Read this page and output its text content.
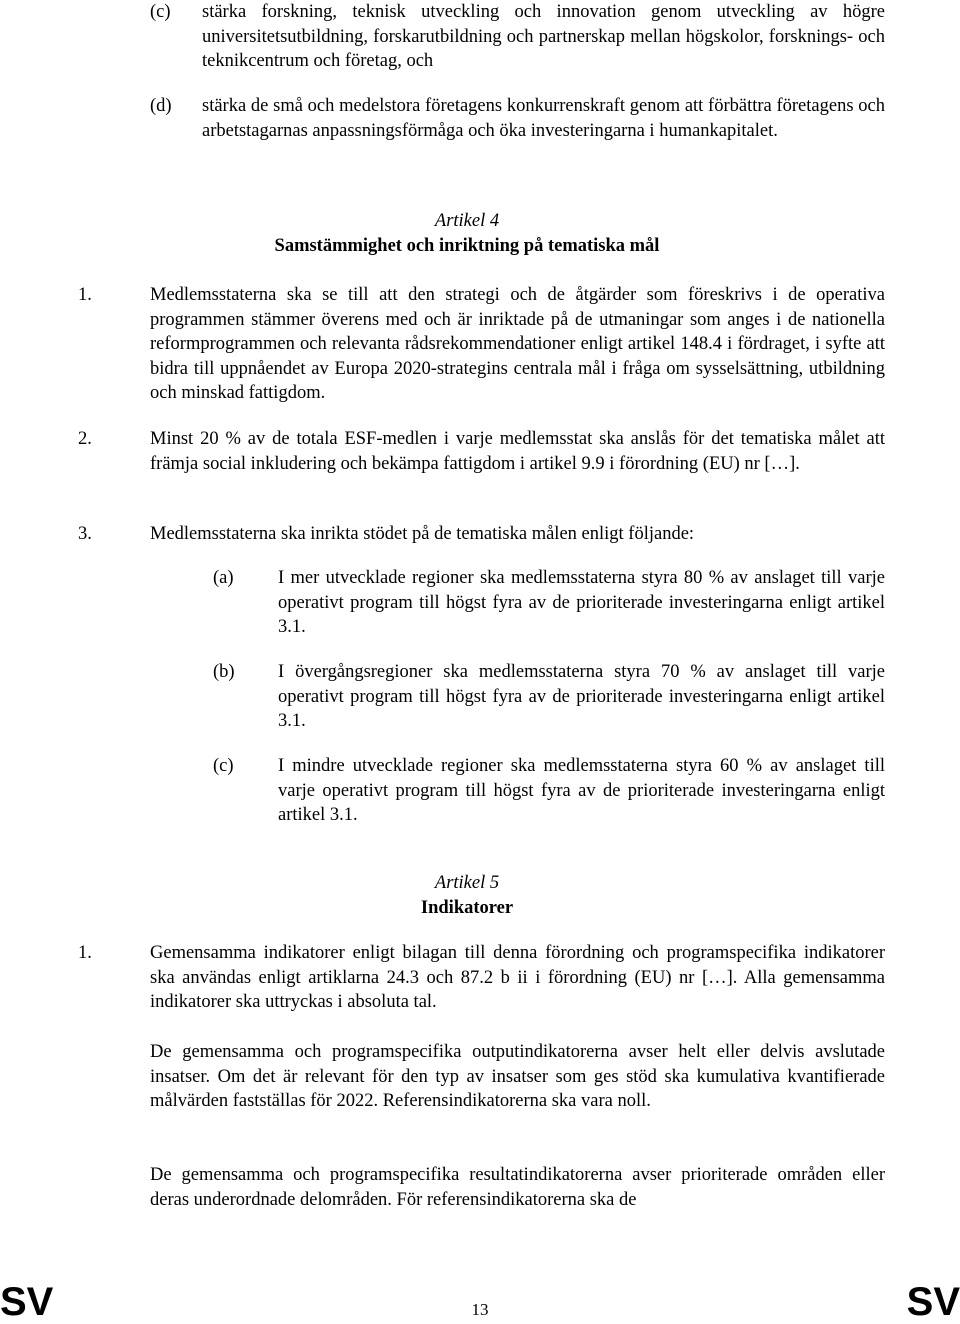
(c) stärka forskning, teknisk utveckling och innovation genom utveckling av högre universitetsutbildning, forskarutbildning och partnerskap mellan högskolor, forsknings- och teknikcentrum och företag, och
(d) stärka de små och medelstora företagens konkurrenskraft genom att förbättra företagens och arbetstagarnas anpassningsförmåga och öka investeringarna i humankapitalet.
Artikel 4
Samstämmighet och inriktning på tematiska mål
1.	Medlemsstaterna ska se till att den strategi och de åtgärder som föreskrivs i de operativa programmen stämmer överens med och är inriktade på de utmaningar som anges i de nationella reformprogrammen och relevanta rådsrekommendationer enligt artikel 148.4 i fördraget, i syfte att bidra till uppnåendet av Europa 2020-strategins centrala mål i fråga om sysselsättning, utbildning och minskad fattigdom.
2.	Minst 20 % av de totala ESF-medlen i varje medlemsstat ska anslås för det tematiska målet att främja social inkludering och bekämpa fattigdom i artikel 9.9 i förordning (EU) nr […].
3.	Medlemsstaterna ska inrikta stödet på de tematiska målen enligt följande:
(a) I mer utvecklade regioner ska medlemsstaterna styra 80 % av anslaget till varje operativt program till högst fyra av de prioriterade investeringarna enligt artikel 3.1.
(b) I övergångsregioner ska medlemsstaterna styra 70 % av anslaget till varje operativt program till högst fyra av de prioriterade investeringarna enligt artikel 3.1.
(c) I mindre utvecklade regioner ska medlemsstaterna styra 60 % av anslaget till varje operativt program till högst fyra av de prioriterade investeringarna enligt artikel 3.1.
Artikel 5
Indikatorer
1.	Gemensamma indikatorer enligt bilagan till denna förordning och programspecifika indikatorer ska användas enligt artiklarna 24.3 och 87.2 b ii i förordning (EU) nr […]. Alla gemensamma indikatorer ska uttryckas i absoluta tal.
De gemensamma och programspecifika outputindikatorerna avser helt eller delvis avslutade insatser. Om det är relevant för den typ av insatser som ges stöd ska kumulativa kvantifierade målvärden fastställas för 2022. Referensindikatorerna ska vara noll.
De gemensamma och programspecifika resultatindikatorerna avser prioriterade områden eller deras underordnade delområden. För referensindikatorerna ska de
SV	13	SV
